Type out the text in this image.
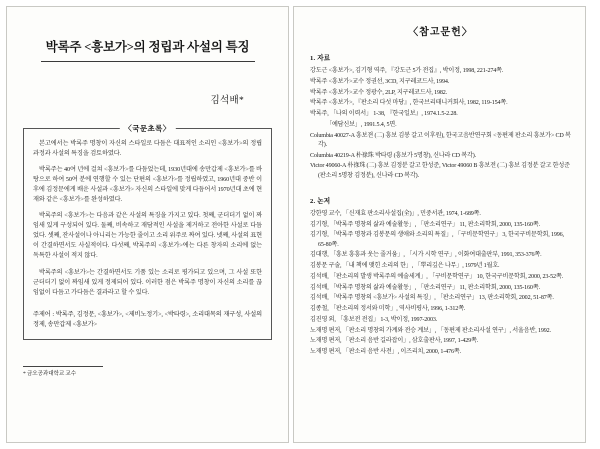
박록주 <흥보가>의 정립과 사설의 특징
김석배*
〈국문초록〉

본고에서는 박록주 명창이 자신의 스타일로 다듬은 대표적인 소리인 <흥보가>의 정립과정과 사설의 특징을 검토하였다.

박록주는 40여 년에 걸쳐 <흥보가>를 다듬었는데, 1930년대에 송만갑제 <흥보가>를 바탕으로 하여 50여 분에 연행할 수 있는 단편의 <흥보가>를 정립하였고, 1960년대 중반 이후에 김정문에게 배운 사설과 <흥보가> 자신의 스타일에 맞게 다듬어서 1970년대 초에 현재와 같은 <흥보가>를 완성하였다.

박록주의 <흥보가>는 다음과 같은 사설의 특징을 가지고 있다. 첫째, 군더더기 없이 짜임새 있게 구성되어 있다. 둘째, 비속하고 재담적인 사설을 제거하고 전아한 사설로 다듬었다. 셋째, 잔사설이나 아니리는 가능한 줄이고 소리 위주로 짜여 있다. 넷째, 사설의 표현이 간결하면서도 사실적이다. 다섯째, 박록주의 <흥보가>에는 다른 창자의 소리에 없는 독특한 사설이 적지 않다.

박록주의 <흥보가>는 간결하면서도 기품 있는 소리로 평가되고 있으며, 그 사설 또한 군더더기 없이 짜임새 있게 정제되어 있다. 이러한 점은 박록주 명창이 자신의 소리를 끊임없이 다듬고 가다듬은 결과라고 할 수 있다.

주제어 : 박록주, 김정문, <흥보가>, <제비노정기>, <박타령>, 소리대목의 재구성, 사설의 정제, 송만갑제 <흥보가>
* 금오공과대학교 교수
〈참고문헌〉
1. 자료
강도근 <흥보가>, 김기형 역주, 『강도근 5가 전집』, 박이정, 1998, 221-274쪽.
박록주 <흥보가>교수 정권선, 3CD, 지구레코드사, 1994.
박록주 <흥보가>교수 정광수, 2LP, 지구레코드사, 1982.
박록주 <흥보가>, 『판소리 다섯 마당』, 한국브리태니커회사, 1982, 119-154쪽.
박록주, 「나의 이력서」 1-38, 『한국일보』, 1974.1.5-2.28.
「예담신보」, 1991.5.4, 5면.
Columbia 40027-A 흥보젼 (二) 흥보 김봉 갈고 이후원), 한국고음반연구회 <동편제 판소리 흥보가> CD 복각).
Columbia 40219-A 朴祿珠 박타령 (흥보가 5명창), 신나라 CD 복각).
Victor 49060-A 朴祿珠 (二) 흥보 김정분 갈고 한성준, Victor 49060 B 흥보전 (二) 흥보 김정분 갈고 한성준 (판소리 5명창 김정분), 신나라 CD 복각).
2. 논저
강한영 교수, 「신재효 판소리사설집(全)」, 민중서관, 1974, 1-689쪽.
김기형, 「박록주 명창의 삶과 예술활동」, 「판소리연구」 11, 판소리학회, 2000, 135-160쪽.
김기형, 「박록주 명창과 김봉문의 생애와 소리의 특질」, 「구비문학연구」 3, 한국구비문학회, 1996, 65-80쪽.
김대행, 「흥보 흥흥과 웃는 줄거움」, 「시가 시학 연구」, 이화여대출판부, 1991, 353-376쪽.
김봉문 구술, 「내 책에 맺힌 소리의 한」, 「뿌리깊은 나무」, 1979년 1월호.
김석배, 「판소리의 발생 박록주의 예술세계」, 「구비문학연구」 10, 한국구비문학회, 2000, 23-52쪽.
김석배, 「박록주 명창의 삶과 예술활동」, 「판소리연구」 11, 판소리학회, 2000, 135-160쪽.
김석배, 「박록주 명창의 <흥보가> 사설의 특징」, 「판소리연구」 13, 판소리학회, 2002, 51-87쪽.
김종철, 「판소리의 정서와 미학」, 역사비평사, 1996, 1-312쪽.
김진영 외, 「흥보전 전집」 1-3, 박이정, 1997-2003.
노재명 편저, 「판소리 명창의 가계와 전승 계보」, 「동편제 판소리사설 연구」, 서울음반, 1992.
노재명 편저, 「판소리 음반 길라잡이」, 삼호출판사, 1997, 1-429쪽.
노재명 편저, 「판소리 음반 사전」, 이즈리치, 2000, 1-476쪽.
